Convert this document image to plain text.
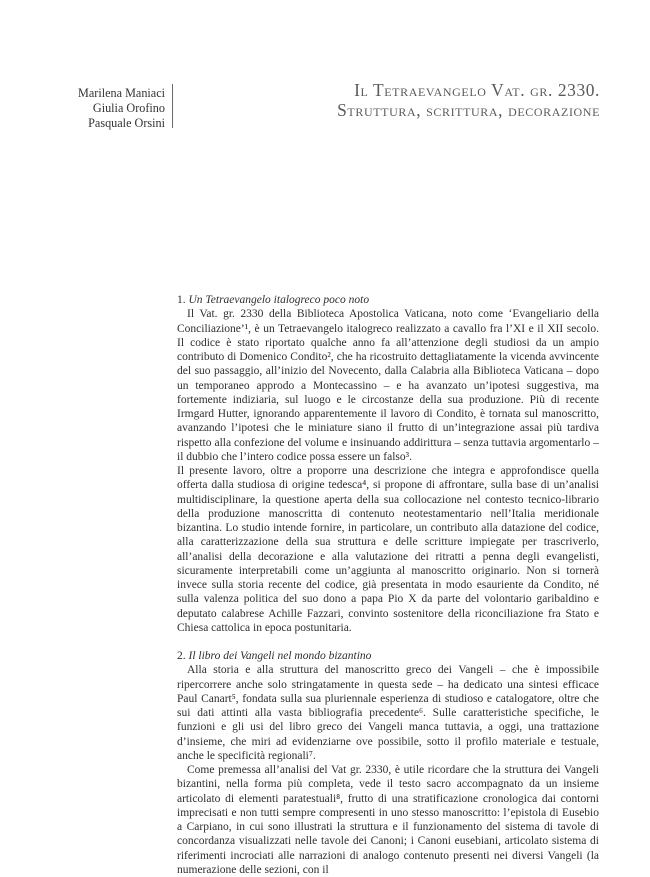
Marilena Maniaci
Giulia Orofino
Pasquale Orsini
Il Tetraevangelo Vat. gr. 2330.
Struttura, scrittura, decorazione

1. Un Tetraevangelo italogreco poco noto

Il Vat. gr. 2330 della Biblioteca Apostolica Vaticana, noto come ‘Evangeliario della Conciliazione’¹, è un Tetraevangelo italogreco realizzato a cavallo fra l’XI e il XII secolo. Il codice è stato riportato qualche anno fa all’attenzione degli studiosi da un ampio contributo di Domenico Condito², che ha ricostruito dettagliatamente la vicenda avvincente del suo passaggio, all’inizio del Novecento, dalla Calabria alla Biblioteca Vaticana – dopo un temporaneo approdo a Montecassino – e ha avanzato un’ipotesi suggestiva, ma fortemente indiziaria, sul luogo e le circostanze della sua produzione. Più di recente Irmgard Hutter, ignorando apparentemente il lavoro di Condito, è tornata sul manoscritto, avanzando l’ipotesi che le miniature siano il frutto di un’integrazione assai più tardiva rispetto alla confezione del volume e insinuando addirittura – senza tuttavia argomentarlo – il dubbio che l’intero codice possa essere un falso³.

Il presente lavoro, oltre a proporre una descrizione che integra e approfondisce quella offerta dalla studiosa di origine tedesca⁴, si propone di affrontare, sulla base di un’analisi multidisciplinare, la questione aperta della sua collocazione nel contesto tecnico-librario della produzione manoscritta di contenuto neotestamentario nell’Italia meridionale bizantina. Lo studio intende fornire, in particolare, un contributo alla datazione del codice, alla caratterizzazione della sua struttura e delle scritture impiegate per trascriverlo, all’analisi della decorazione e alla valutazione dei ritratti a penna degli evangelisti, sicuramente interpretabili come un’aggiunta al manoscritto originario. Non si tornerà invece sulla storia recente del codice, già presentata in modo esauriente da Condito, né sulla valenza politica del suo dono a papa Pio X da parte del volontario garibaldino e deputato calabrese Achille Fazzari, convinto sostenitore della riconciliazione fra Stato e Chiesa cattolica in epoca postunitaria.

2. Il libro dei Vangeli nel mondo bizantino

Alla storia e alla struttura del manoscritto greco dei Vangeli – che è impossibile ripercorrere anche solo stringatamente in questa sede – ha dedicato una sintesi efficace Paul Canart⁵, fondata sulla sua pluriennale esperienza di studioso e catalogatore, oltre che sui dati attinti alla vasta bibliografia precedente⁶. Sulle caratteristiche specifiche, le funzioni e gli usi del libro greco dei Vangeli manca tuttavia, a oggi, una trattazione d’insieme, che miri ad evidenziarne ove possibile, sotto il profilo materiale e testuale, anche le specificità regionali⁷.

Come premessa all’analisi del Vat gr. 2330, è utile ricordare che la struttura dei Vangeli bizantini, nella forma più completa, vede il testo sacro accompagnato da un insieme articolato di elementi paratestuali⁸, frutto di una stratificazione cronologica dai contorni imprecisati e non tutti sempre compresenti in uno stesso manoscritto: l’epistola di Eusebio a Carpiano, in cui sono illustrati la struttura e il funzionamento del sistema di tavole di concordanza visualizzati nelle tavole dei Canoni; i Canoni eusebiani, articolato sistema di riferimenti incrociati alle narrazioni di analogo contenuto presenti nei diversi Vangeli (la numerazione delle sezioni, con il
